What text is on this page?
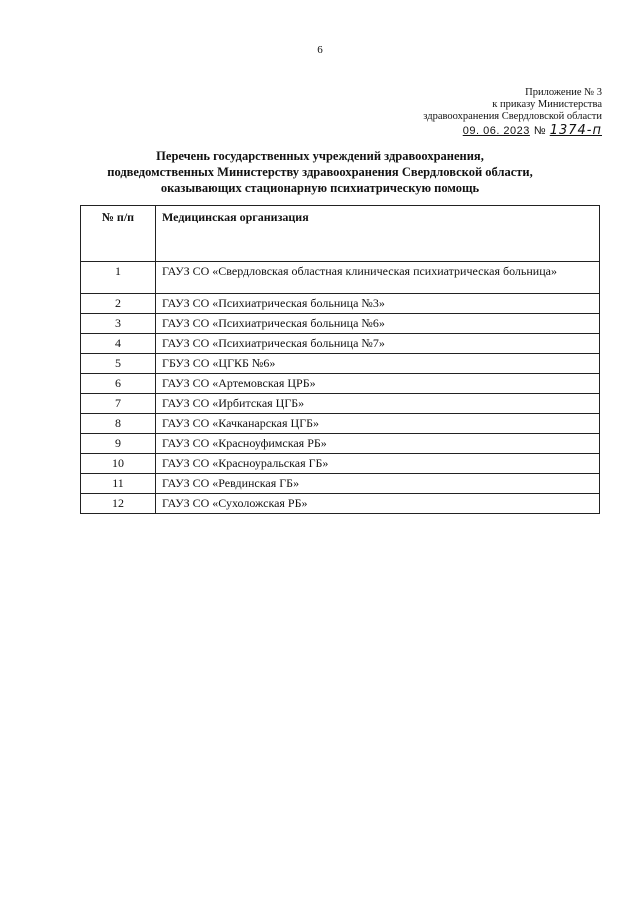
6
Приложение № 3
к приказу Министерства
здравоохранения Свердловской области
09. 06. 2023 № 1374-п
Перечень государственных учреждений здравоохранения,
подведомственных Министерству здравоохранения Свердловской области,
оказывающих стационарную психиатрическую помощь
№ п/п	Медицинская организация
1	ГАУЗ СО «Свердловская областная клиническая психиатрическая больница»
2	ГАУЗ СО «Психиатрическая больница №3»
3	ГАУЗ СО «Психиатрическая больница №6»
4	ГАУЗ СО «Психиатрическая больница №7»
5	ГБУЗ СО «ЦГКБ №6»
6	ГАУЗ СО «Артемовская ЦРБ»
7	ГАУЗ СО «Ирбитская ЦГБ»
8	ГАУЗ СО «Качканарская ЦГБ»
9	ГАУЗ СО «Красноуфимская РБ»
10	ГАУЗ СО «Красноуральская ГБ»
11	ГАУЗ СО «Ревдинская ГБ»
12	ГАУЗ СО «Сухоложская РБ»
